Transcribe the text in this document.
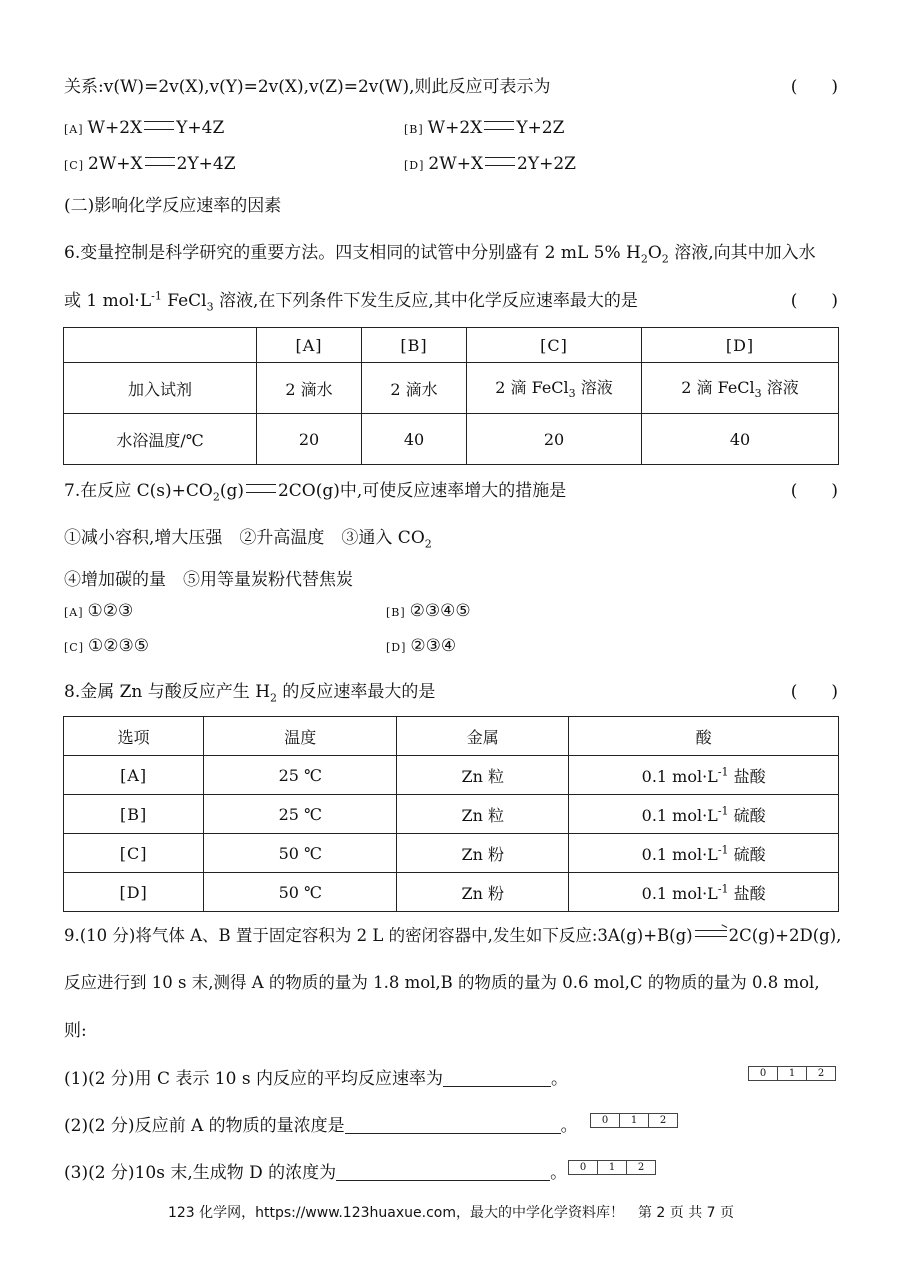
关系:v(W)=2v(X),v(Y)=2v(X),v(Z)=2v(W),则此反应可表示为	(　　)
[A] W+2X Y+4Z	[B] W+2X Y+2Z
[C] 2W+X 2Y+4Z	[D] 2W+X 2Y+2Z
(二)影响化学反应速率的因素
6.变量控制是科学研究的重要方法。四支相同的试管中分别盛有 2 mL 5% $H_2O_2$ 溶液,向其中加入水
或 1 $mol\cdot L^{-1}$ FeCl$_3$ 溶液,在下列条件下发生反应,其中化学反应速率最大的是	(　　)
	[A]	[B]	[C]	[D]
加入试剂	2 滴水	2 滴水	2 滴 FeCl$_3$ 溶液	2 滴 FeCl$_3$ 溶液
水浴温度/℃	20	40	20	40
7.在反应 $C(s)+CO_2(g)$ 2CO(g)中,可使反应速率增大的措施是	(　　)
①减小容积,增大压强　②升高温度　③通入 $CO_2$
④增加碳的量　⑤用等量炭粉代替焦炭
[A] ①②③	[B] ②③④⑤
[C] ①②③⑤	[D] ②③④
8.金属 Zn 与酸反应产生 $H_2$ 的反应速率最大的是	(　　)
选项	温度	金属	酸
[A]	25 ℃	Zn 粒	0.1 $mol\cdot L^{-1}$ 盐酸
[B]	25 ℃	Zn 粒	0.1 $mol\cdot L^{-1}$ 硫酸
[C]	50 ℃	Zn 粉	0.1 $mol\cdot L^{-1}$ 硫酸
[D]	50 ℃	Zn 粉	0.1 $mol\cdot L^{-1}$ 盐酸
9.(10 分)将气体 A、B 置于固定容积为 2 L 的密闭容器中,发生如下反应:3A(g)+B(g) → 2C(g)+2D(g),
反应进行到 10 s 末,测得 A 的物质的量为 1.8 mol,B 的物质的量为 0.6 mol,C 的物质的量为 0.8 mol,
则:
(1)(2 分)用 C 表示 10 s 内反应的平均反应速率为	。	0	1	2
(2)(2 分)反应前 A 的物质的量浓度是	。	0	1	2
(3)(2 分)10s 末,生成物 D 的浓度为	。	0	1	2
123 化学网，https://www.123huaxue.com，最大的中学化学资料库！　第 2 页 共 7 页
